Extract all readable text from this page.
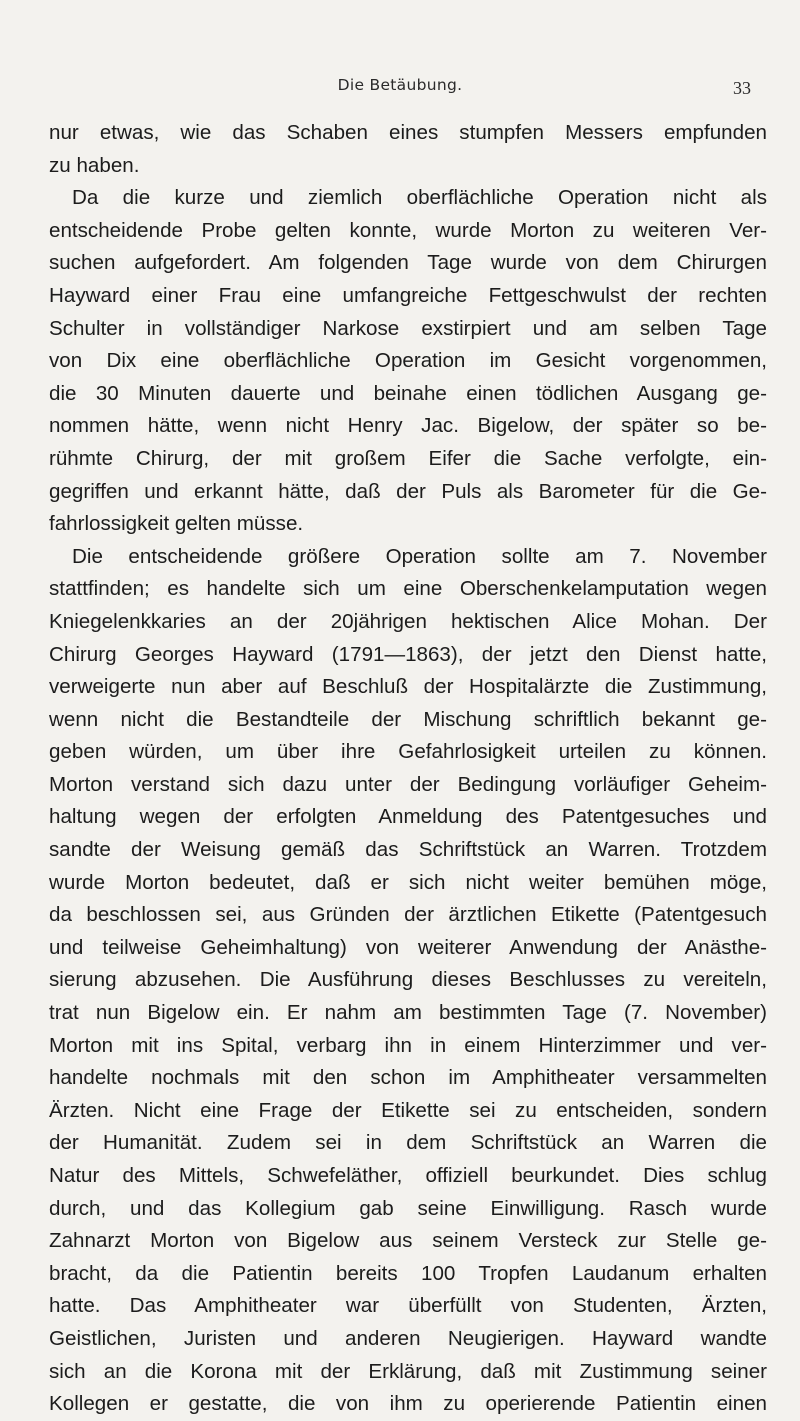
Die Betäubung.	33
nur etwas, wie das Schaben eines stumpfen Messers empfunden
zu haben.
Da die kurze und ziemlich oberflächliche Operation nicht als
entscheidende Probe gelten konnte, wurde Morton zu weiteren Ver-
suchen aufgefordert. Am folgenden Tage wurde von dem Chirurgen
Hayward einer Frau eine umfangreiche Fettgeschwulst der rechten
Schulter in vollständiger Narkose exstirpiert und am selben Tage
von Dix eine oberflächliche Operation im Gesicht vorgenommen,
die 30 Minuten dauerte und beinahe einen tödlichen Ausgang ge-
nommen hätte, wenn nicht Henry Jac. Bigelow, der später so be-
rühmte Chirurg, der mit großem Eifer die Sache verfolgte, ein-
gegriffen und erkannt hätte, daß der Puls als Barometer für die Ge-
fahrlossigkeit gelten müsse.
Die entscheidende größere Operation sollte am 7. November
stattfinden; es handelte sich um eine Oberschenkelamputation wegen
Kniegelenkkaries an der 20jährigen hektischen Alice Mohan. Der
Chirurg Georges Hayward (1791—1863), der jetzt den Dienst hatte,
verweigerte nun aber auf Beschluß der Hospitalärzte die Zustimmung,
wenn nicht die Bestandteile der Mischung schriftlich bekannt ge-
geben würden, um über ihre Gefahrlosigkeit urteilen zu können.
Morton verstand sich dazu unter der Bedingung vorläufiger Geheim-
haltung wegen der erfolgten Anmeldung des Patentgesuches und
sandte der Weisung gemäß das Schriftstück an Warren. Trotzdem
wurde Morton bedeutet, daß er sich nicht weiter bemühen möge,
da beschlossen sei, aus Gründen der ärztlichen Etikette (Patentgesuch
und teilweise Geheimhaltung) von weiterer Anwendung der Anästhe-
sierung abzusehen. Die Ausführung dieses Beschlusses zu vereiteln,
trat nun Bigelow ein. Er nahm am bestimmten Tage (7. November)
Morton mit ins Spital, verbarg ihn in einem Hinterzimmer und ver-
handelte nochmals mit den schon im Amphitheater versammelten
Ärzten. Nicht eine Frage der Etikette sei zu entscheiden, sondern
der Humanität. Zudem sei in dem Schriftstück an Warren die
Natur des Mittels, Schwefeläther, offiziell beurkundet. Dies schlug
durch, und das Kollegium gab seine Einwilligung. Rasch wurde
Zahnarzt Morton von Bigelow aus seinem Versteck zur Stelle ge-
bracht, da die Patientin bereits 100 Tropfen Laudanum erhalten
hatte. Das Amphitheater war überfüllt von Studenten, Ärzten,
Geistlichen, Juristen und anderen Neugierigen. Hayward wandte
sich an die Korona mit der Erklärung, daß mit Zustimmung seiner
Kollegen er gestatte, die von ihm zu operierende Patientin einen
